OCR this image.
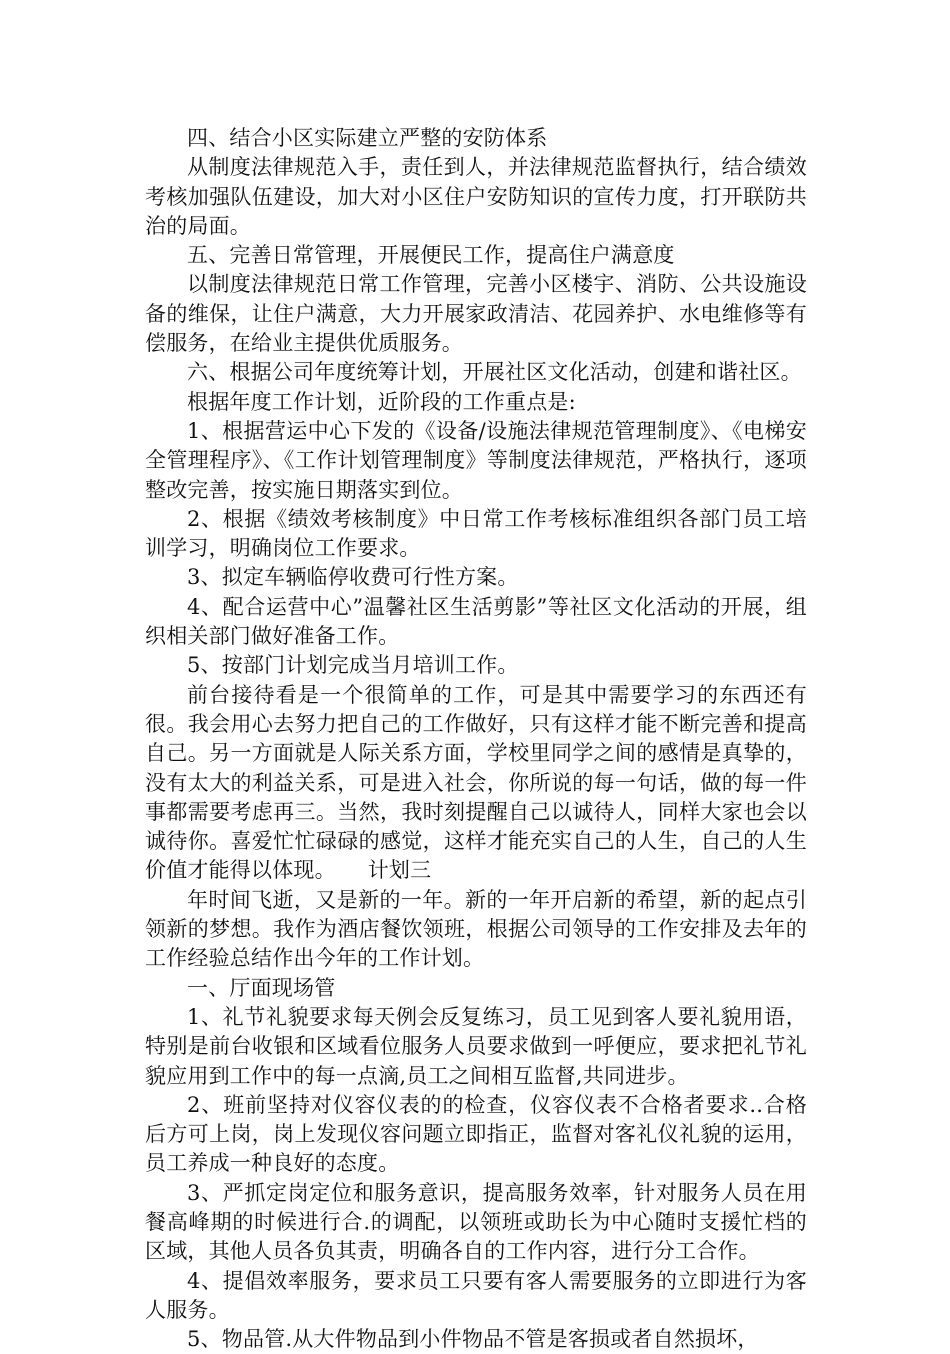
四、结合小区实际建立严整的安防体系

从制度法律规范入手，责任到人，并法律规范监督执行，结合绩效考核加强队伍建设，加大对小区住户安防知识的宣传力度，打开联防共治的局面。

五、完善日常管理，开展便民工作，提高住户满意度

以制度法律规范日常工作管理，完善小区楼宇、消防、公共设施设备的维保，让住户满意，大力开展家政清洁、花园养护、水电维修等有偿服务，在给业主提供优质服务。

六、根据公司年度统筹计划，开展社区文化活动，创建和谐社区。

根据年度工作计划，近阶段的工作重点是:

1、根据营运中心下发的《设备/设施法律规范管理制度》、《电梯安全管理程序》、《工作计划管理制度》等制度法律规范，严格执行，逐项整改完善，按实施日期落实到位。

2、根据《绩效考核制度》中日常工作考核标准组织各部门员工培训学习，明确岗位工作要求。

3、拟定车辆临停收费可行性方案。

4、配合运营中心”温馨社区生活剪影”等社区文化活动的开展，组织相关部门做好准备工作。

5、按部门计划完成当月培训工作。

前台接待看是一个很简单的工作，可是其中需要学习的东西还有很。我会用心去努力把自己的工作做好，只有这样才能不断完善和提高自己。另一方面就是人际关系方面，学校里同学之间的感情是真挚的，没有太大的利益关系，可是进入社会，你所说的每一句话，做的每一件事都需要考虑再三。当然，我时刻提醒自己以诚待人，同样大家也会以诚待你。喜爱忙忙碌碌的感觉，这样才能充实自己的人生，自己的人生价值才能得以体现。　　计划三

年时间飞逝，又是新的一年。新的一年开启新的希望，新的起点引领新的梦想。我作为酒店餐饮领班，根据公司领导的工作安排及去年的工作经验总结作出今年的工作计划。

一、厅面现场管

1、礼节礼貌要求每天例会反复练习，员工见到客人要礼貌用语，特别是前台收银和区域看位服务人员要求做到一呼便应，要求把礼节礼貌应用到工作中的每一点滴,员工之间相互监督,共同进步。

2、班前坚持对仪容仪表的的检查，仪容仪表不合格者要求..合格后方可上岗，岗上发现仪容问题立即指正，监督对客礼仪礼貌的运用，员工养成一种良好的态度。

3、严抓定岗定位和服务意识，提高服务效率，针对服务人员在用餐高峰期的时候进行合.的调配，以领班或助长为中心随时支援忙档的区域，其他人员各负其责，明确各自的工作内容，进行分工合作。

4、提倡效率服务，要求员工只要有客人需要服务的立即进行为客人服务。

5、物品管.从大件物品到小件物品不管是客损或者自然损坏，
